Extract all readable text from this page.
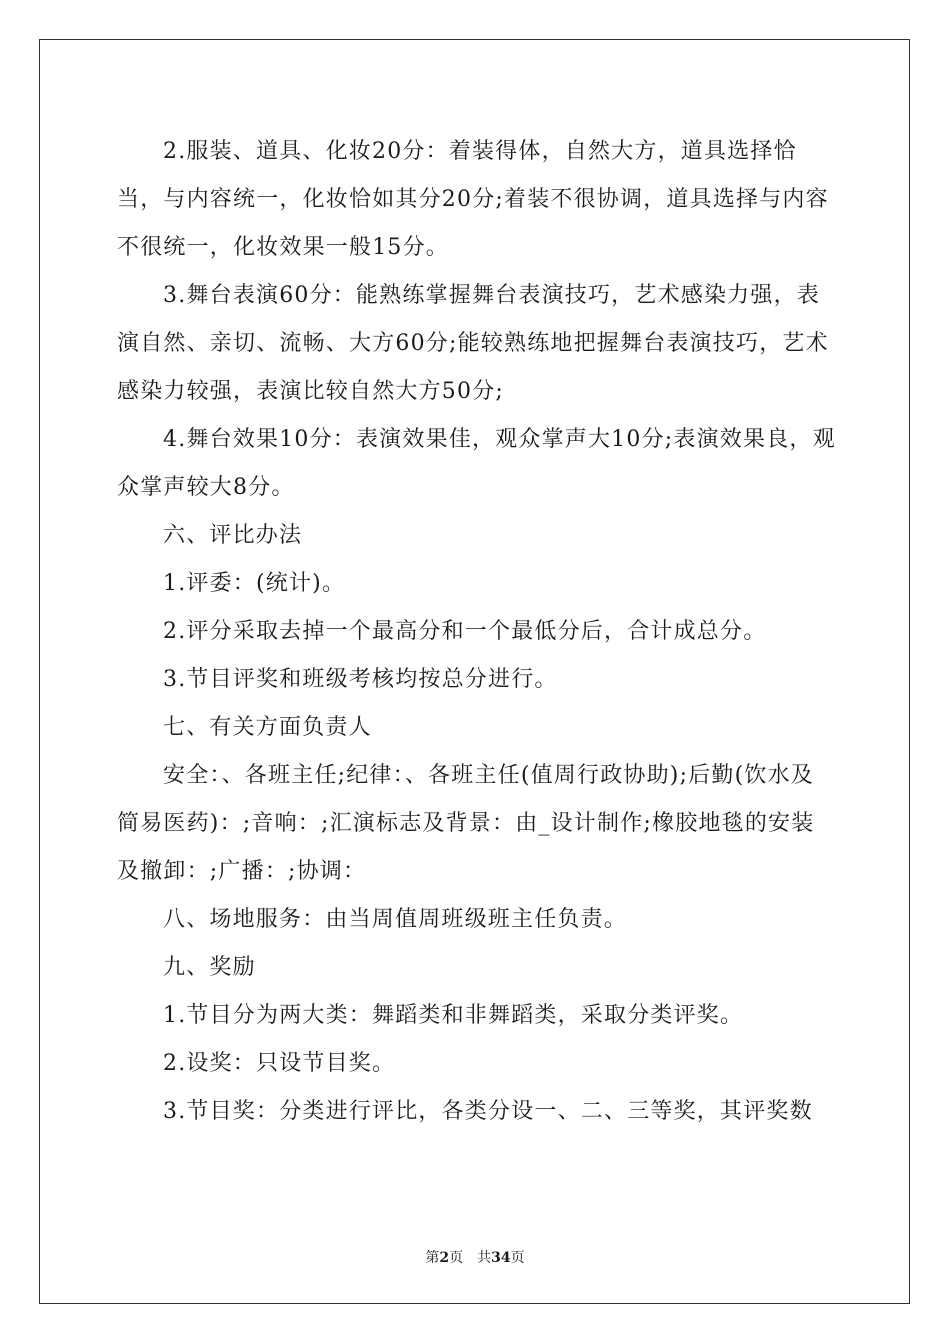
2.服装、道具、化妆20分：着装得体，自然大方，道具选择恰当，与内容统一，化妆恰如其分20分;着装不很协调，道具选择与内容不很统一，化妆效果一般15分。

3.舞台表演60分：能熟练掌握舞台表演技巧，艺术感染力强，表演自然、亲切、流畅、大方60分;能较熟练地把握舞台表演技巧，艺术感染力较强，表演比较自然大方50分;

4.舞台效果10分：表演效果佳，观众掌声大10分;表演效果良，观众掌声较大8分。

六、评比办法

1.评委：(统计)。

2.评分采取去掉一个最高分和一个最低分后，合计成总分。

3.节目评奖和班级考核均按总分进行。

七、有关方面负责人

安全：、各班主任;纪律：、各班主任(值周行政协助);后勤(饮水及简易医药)：;音响：;汇演标志及背景：由_设计制作;橡胶地毯的安装及撤卸：;广播：;协调：

八、场地服务：由当周值周班级班主任负责。

九、奖励

1.节目分为两大类：舞蹈类和非舞蹈类，采取分类评奖。

2.设奖：只设节目奖。

3.节目奖：分类进行评比，各类分设一、二、三等奖，其评奖数

第2页 共34页
